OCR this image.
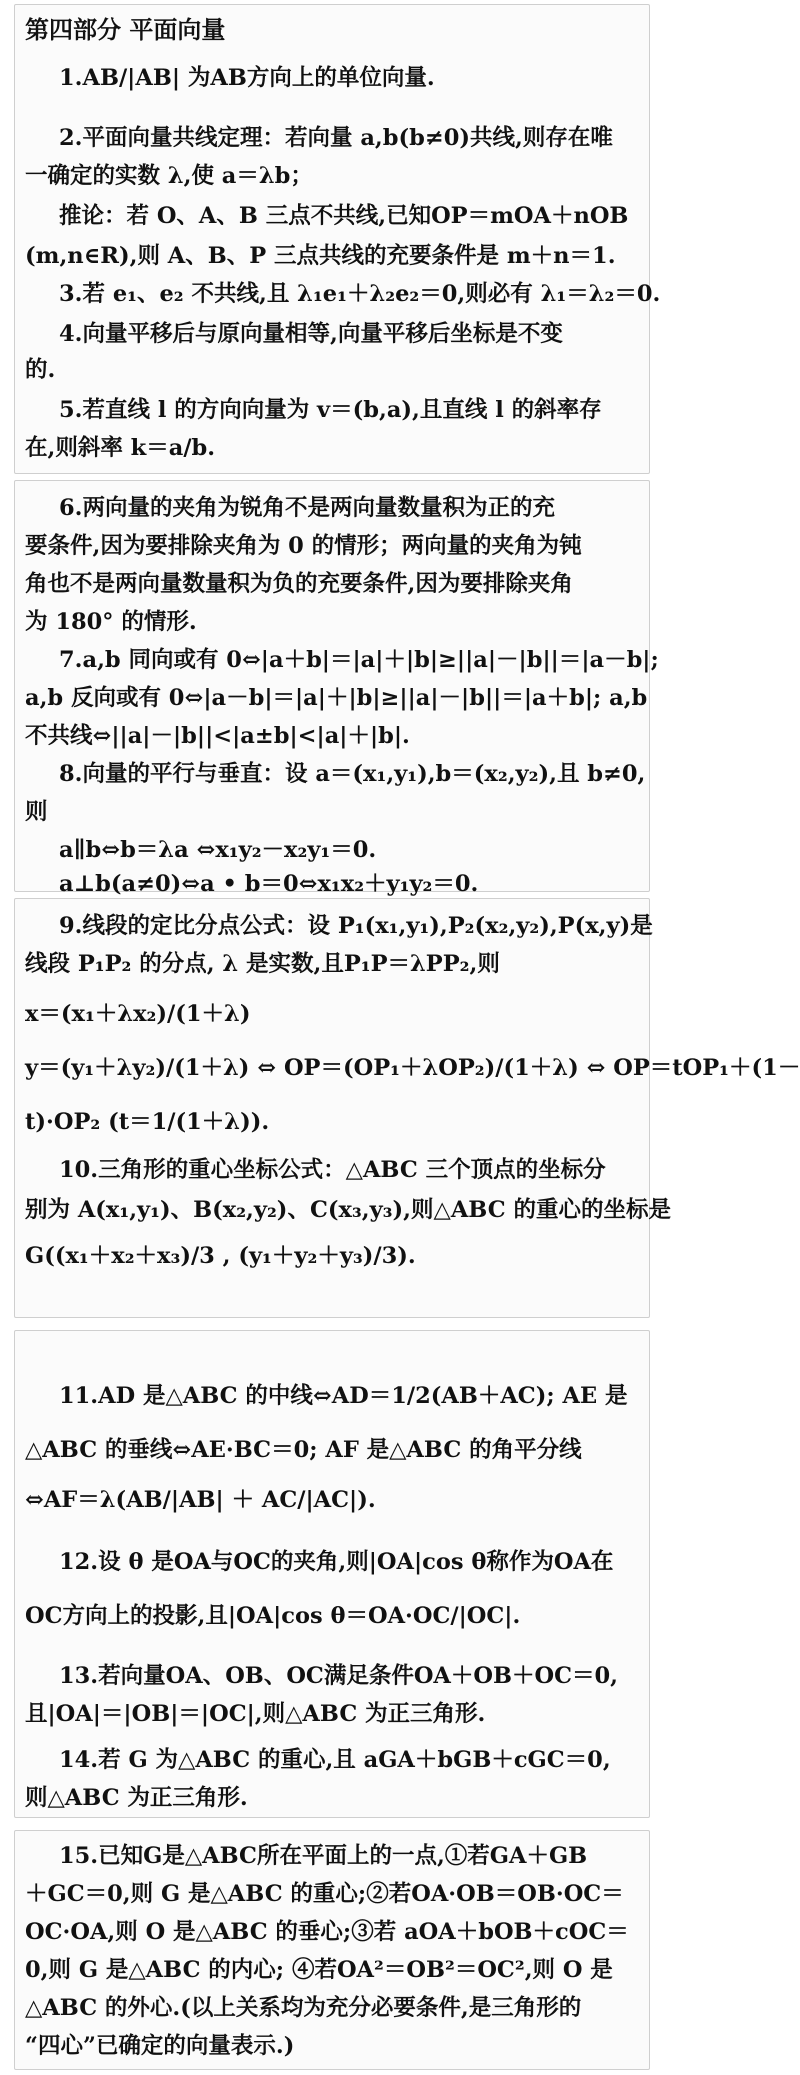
第四部分 平面向量
1.AB/|AB| 为AB方向上的单位向量.
2.平面向量共线定理：若向量 a,b(b≠0)共线,则存在唯
一确定的实数 λ,使 a＝λb；
推论：若 O、A、B 三点不共线,已知OP＝mOA＋nOB
(m,n∈R),则 A、B、P 三点共线的充要条件是 m＋n＝1.
3.若 e₁、e₂ 不共线,且 λ₁e₁＋λ₂e₂＝0,则必有 λ₁＝λ₂＝0.
4.向量平移后与原向量相等,向量平移后坐标是不变
的.
5.若直线 l 的方向向量为 v＝(b,a),且直线 l 的斜率存
在,则斜率 k＝a/b.
6.两向量的夹角为锐角不是两向量数量积为正的充
要条件,因为要排除夹角为 0 的情形；两向量的夹角为钝
角也不是两向量数量积为负的充要条件,因为要排除夹角
为 180° 的情形.
7.a,b 同向或有 0⇔|a＋b|＝|a|＋|b|≥||a|－|b||＝|a－b|;
a,b 反向或有 0⇔|a－b|＝|a|＋|b|≥||a|－|b||＝|a＋b|; a,b
不共线⇔||a|－|b||<|a±b|<|a|＋|b|.
8.向量的平行与垂直：设 a＝(x₁,y₁),b＝(x₂,y₂),且 b≠0,
则
a∥b⇔b＝λa ⇔x₁y₂－x₂y₁＝0.
a⊥b(a≠0)⇔a • b＝0⇔x₁x₂＋y₁y₂＝0.
9.线段的定比分点公式：设 P₁(x₁,y₁),P₂(x₂,y₂),P(x,y)是
线段 P₁P₂ 的分点, λ 是实数,且P₁P＝λPP₂,则
x＝(x₁＋λx₂)/(1＋λ)
y＝(y₁＋λy₂)/(1＋λ) ⇔ OP＝(OP₁＋λOP₂)/(1＋λ) ⇔ OP＝tOP₁＋(1－
t)·OP₂ (t＝1/(1＋λ)).
10.三角形的重心坐标公式：△ABC 三个顶点的坐标分
别为 A(x₁,y₁)、B(x₂,y₂)、C(x₃,y₃),则△ABC 的重心的坐标是
G((x₁＋x₂＋x₃)/3 , (y₁＋y₂＋y₃)/3).
11.AD 是△ABC 的中线⇔AD＝1/2(AB＋AC); AE 是
△ABC 的垂线⇔AE·BC＝0; AF 是△ABC 的角平分线
⇔AF＝λ(AB/|AB| ＋ AC/|AC|).
12.设 θ 是OA与OC的夹角,则|OA|cos θ称作为OA在
OC方向上的投影,且|OA|cos θ＝OA·OC/|OC|.
13.若向量OA、OB、OC满足条件OA＋OB＋OC＝0,
且|OA|＝|OB|＝|OC|,则△ABC 为正三角形.
14.若 G 为△ABC 的重心,且 aGA＋bGB＋cGC＝0,
则△ABC 为正三角形.
15.已知G是△ABC所在平面上的一点,①若GA＋GB
＋GC＝0,则 G 是△ABC 的重心;②若OA·OB＝OB·OC＝
OC·OA,则 O 是△ABC 的垂心;③若 aOA＋bOB＋cOC＝
0,则 G 是△ABC 的内心; ④若OA²＝OB²＝OC²,则 O 是
△ABC 的外心.(以上关系均为充分必要条件,是三角形的
“四心”已确定的向量表示.)
